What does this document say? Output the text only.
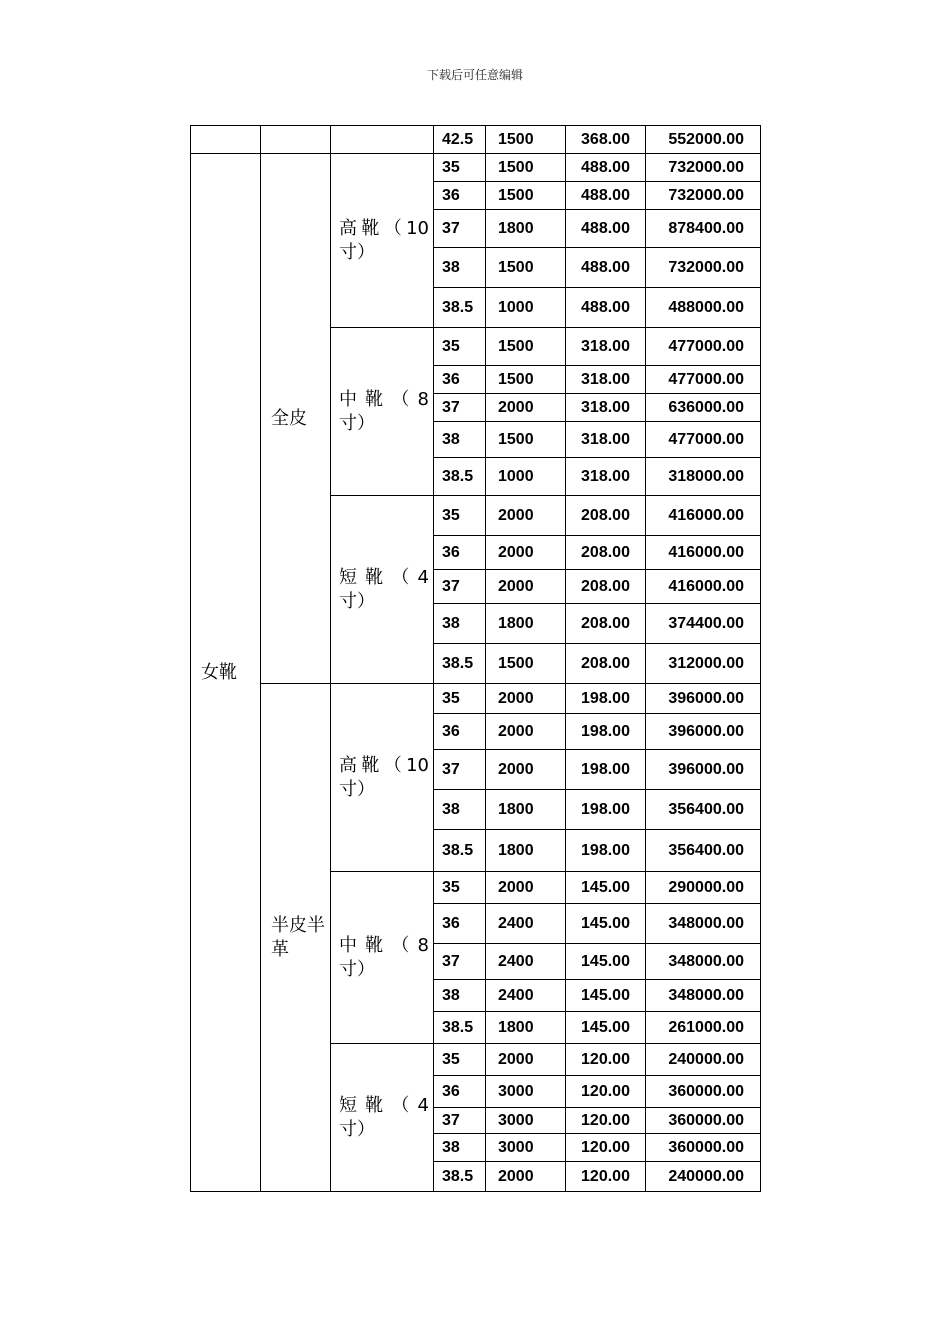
下载后可任意编辑
			42.5	1500	368.00	552000.00
女靴	全皮	高靴（10寸）	35	1500	488.00	732000.00
			36	1500	488.00	732000.00
			37	1800	488.00	878400.00
			38	1500	488.00	732000.00
			38.5	1000	488.00	488000.00
		中靴（8寸）	35	1500	318.00	477000.00
			36	1500	318.00	477000.00
			37	2000	318.00	636000.00
			38	1500	318.00	477000.00
			38.5	1000	318.00	318000.00
		短靴（4寸）	35	2000	208.00	416000.00
			36	2000	208.00	416000.00
			37	2000	208.00	416000.00
			38	1800	208.00	374400.00
			38.5	1500	208.00	312000.00
	半皮半革	高靴（10寸）	35	2000	198.00	396000.00
			36	2000	198.00	396000.00
			37	2000	198.00	396000.00
			38	1800	198.00	356400.00
			38.5	1800	198.00	356400.00
		中靴（8寸）	35	2000	145.00	290000.00
			36	2400	145.00	348000.00
			37	2400	145.00	348000.00
			38	2400	145.00	348000.00
			38.5	1800	145.00	261000.00
		短靴（4寸）	35	2000	120.00	240000.00
			36	3000	120.00	360000.00
			37	3000	120.00	360000.00
			38	3000	120.00	360000.00
			38.5	2000	120.00	240000.00
